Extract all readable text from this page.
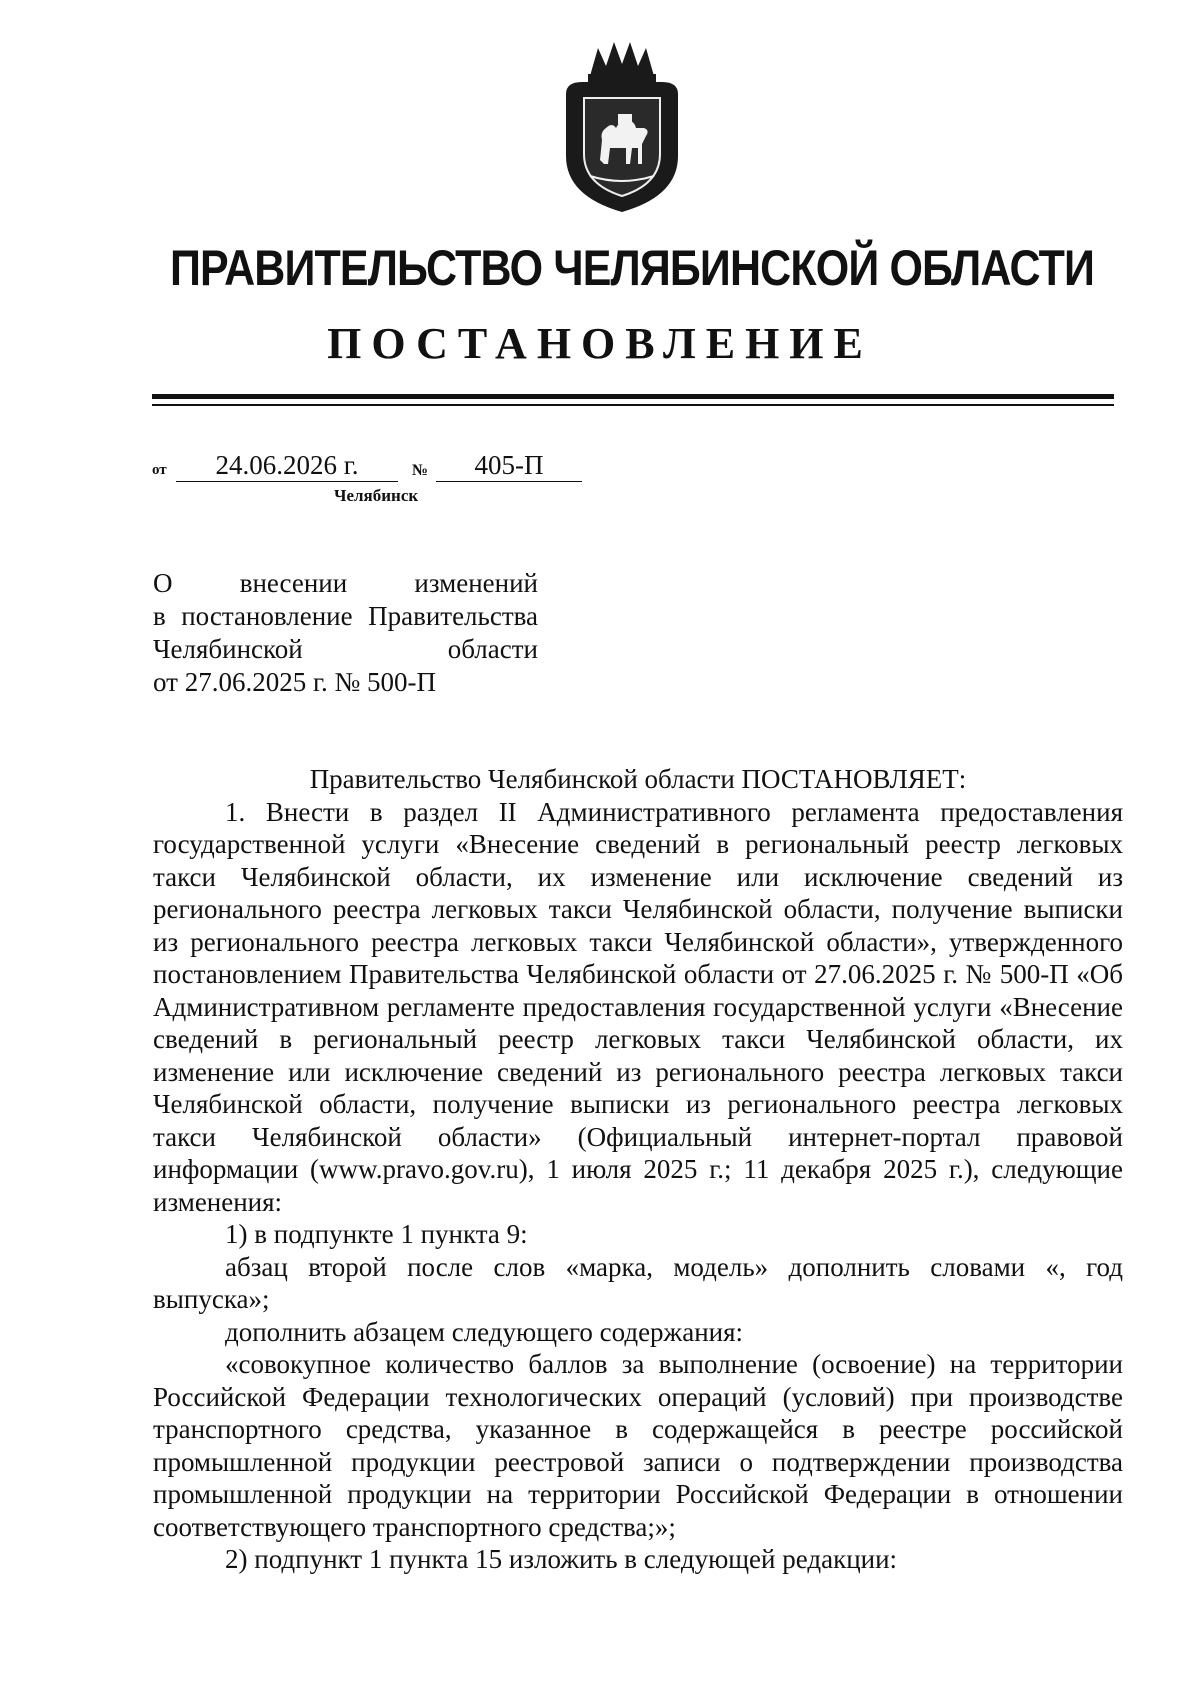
ПРАВИТЕЛЬСТВО ЧЕЛЯБИНСКОЙ ОБЛАСТИ
ПОСТАНОВЛЕНИЕ
от	24.06.2026 г.	№	405-П
Челябинск
О внесении изменений
в постановление Правительства
Челябинской области
от 27.06.2025 г. № 500-П

Правительство Челябинской области ПОСТАНОВЛЯЕТ:

1. Внести в раздел II Административного регламента предоставления государственной услуги «Внесение сведений в региональный реестр легковых такси Челябинской области, их изменение или исключение сведений из регионального реестра легковых такси Челябинской области, получение выписки из регионального реестра легковых такси Челябинской области», утвержденного постановлением Правительства Челябинской области от 27.06.2025 г. № 500-П «Об Административном регламенте предоставления государственной услуги «Внесение сведений в региональный реестр легковых такси Челябинской области, их изменение или исключение сведений из регионального реестра легковых такси Челябинской области, получение выписки из регионального реестра легковых такси Челябинской области» (Официальный интернет-портал правовой информации (www.pravo.gov.ru), 1 июля 2025 г.; 11 декабря 2025 г.), следующие изменения:

1) в подпункте 1 пункта 9:

абзац второй после слов «марка, модель» дополнить словами «, год выпуска»;

дополнить абзацем следующего содержания:

«совокупное количество баллов за выполнение (освоение) на территории Российской Федерации технологических операций (условий) при производстве транспортного средства, указанное в содержащейся в реестре российской промышленной продукции реестровой записи о подтверждении производства промышленной продукции на территории Российской Федерации в отношении соответствующего транспортного средства;»;

2) подпункт 1 пункта 15 изложить в следующей редакции:
